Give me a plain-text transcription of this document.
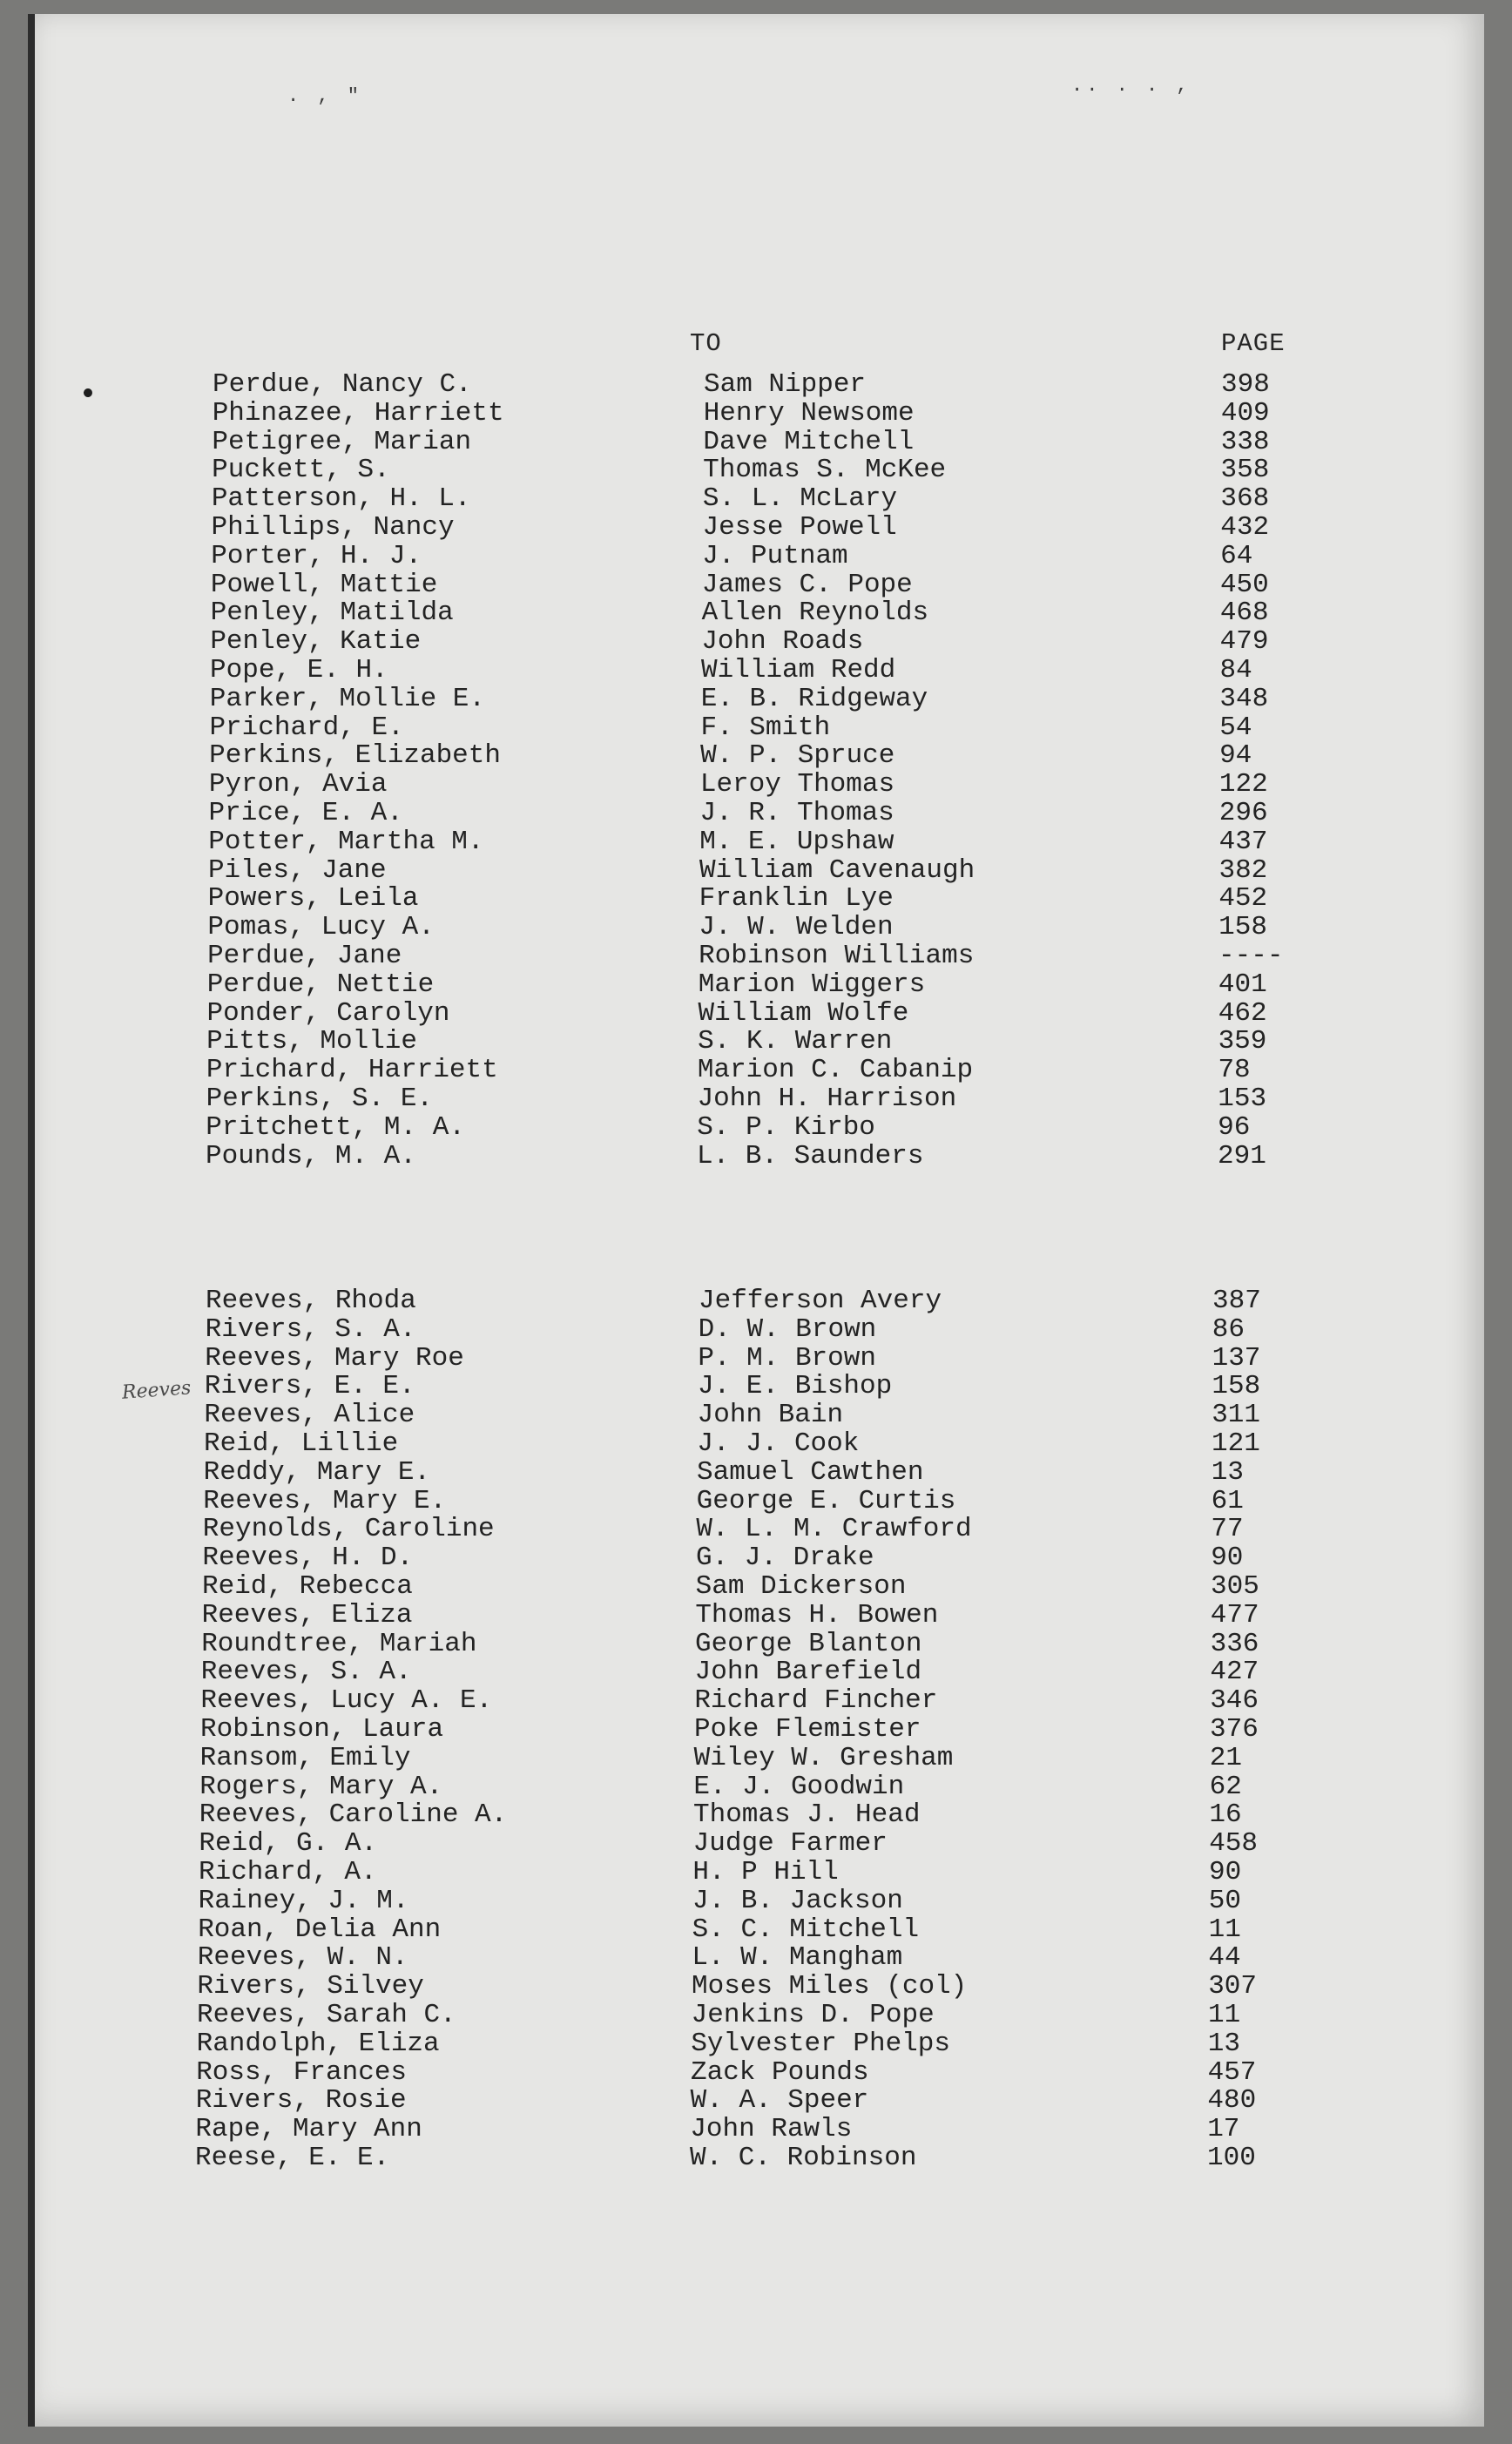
. , "	.. . . ,
TO	PAGE
Reeves
Perdue, Nancy C.	Sam Nipper	398
Phinazee, Harriett	Henry Newsome	409
Petigree, Marian	Dave Mitchell	338
Puckett, S.	Thomas S. McKee	358
Patterson, H. L.	S. L. McLary	368
Phillips, Nancy	Jesse Powell	432
Porter, H. J.	J. Putnam	64
Powell, Mattie	James C. Pope	450
Penley, Matilda	Allen Reynolds	468
Penley, Katie	John Roads	479
Pope, E. H.	William Redd	84
Parker, Mollie E.	E. B. Ridgeway	348
Prichard, E.	F. Smith	54
Perkins, Elizabeth	W. P. Spruce	94
Pyron, Avia	Leroy Thomas	122
Price, E. A.	J. R. Thomas	296
Potter, Martha M.	M. E. Upshaw	437
Piles, Jane	William Cavenaugh	382
Powers, Leila	Franklin Lye	452
Pomas, Lucy A.	J. W. Welden	158
Perdue, Jane	Robinson Williams	----
Perdue, Nettie	Marion Wiggers	401
Ponder, Carolyn	William Wolfe	462
Pitts, Mollie	S. K. Warren	359
Prichard, Harriett	Marion C. Cabanip	78
Perkins, S. E.	John H. Harrison	153
Pritchett, M. A.	S. P. Kirbo	96
Pounds, M. A.	L. B. Saunders	291
Reeves, Rhoda	Jefferson Avery	387
Rivers, S. A.	D. W. Brown	86
Reeves, Mary Roe	P. M. Brown	137
Rivers, E. E.	J. E. Bishop	158
Reeves, Alice	John Bain	311
Reid, Lillie	J. J. Cook	121
Reddy, Mary E.	Samuel Cawthen	13
Reeves, Mary E.	George E. Curtis	61
Reynolds, Caroline	W. L. M. Crawford	77
Reeves, H. D.	G. J. Drake	90
Reid, Rebecca	Sam Dickerson	305
Reeves, Eliza	Thomas H. Bowen	477
Roundtree, Mariah	George Blanton	336
Reeves, S. A.	John Barefield	427
Reeves, Lucy A. E.	Richard Fincher	346
Robinson, Laura	Poke Flemister	376
Ransom, Emily	Wiley W. Gresham	21
Rogers, Mary A.	E. J. Goodwin	62
Reeves, Caroline A.	Thomas J. Head	16
Reid, G. A.	Judge Farmer	458
Richard, A.	H. P Hill	90
Rainey, J. M.	J. B. Jackson	50
Roan, Delia Ann	S. C. Mitchell	11
Reeves, W. N.	L. W. Mangham	44
Rivers, Silvey	Moses Miles (col)	307
Reeves, Sarah C.	Jenkins D. Pope	11
Randolph, Eliza	Sylvester Phelps	13
Ross, Frances	Zack Pounds	457
Rivers, Rosie	W. A. Speer	480
Rape, Mary Ann	John Rawls	17
Reese, E. E.	W. C. Robinson	100
